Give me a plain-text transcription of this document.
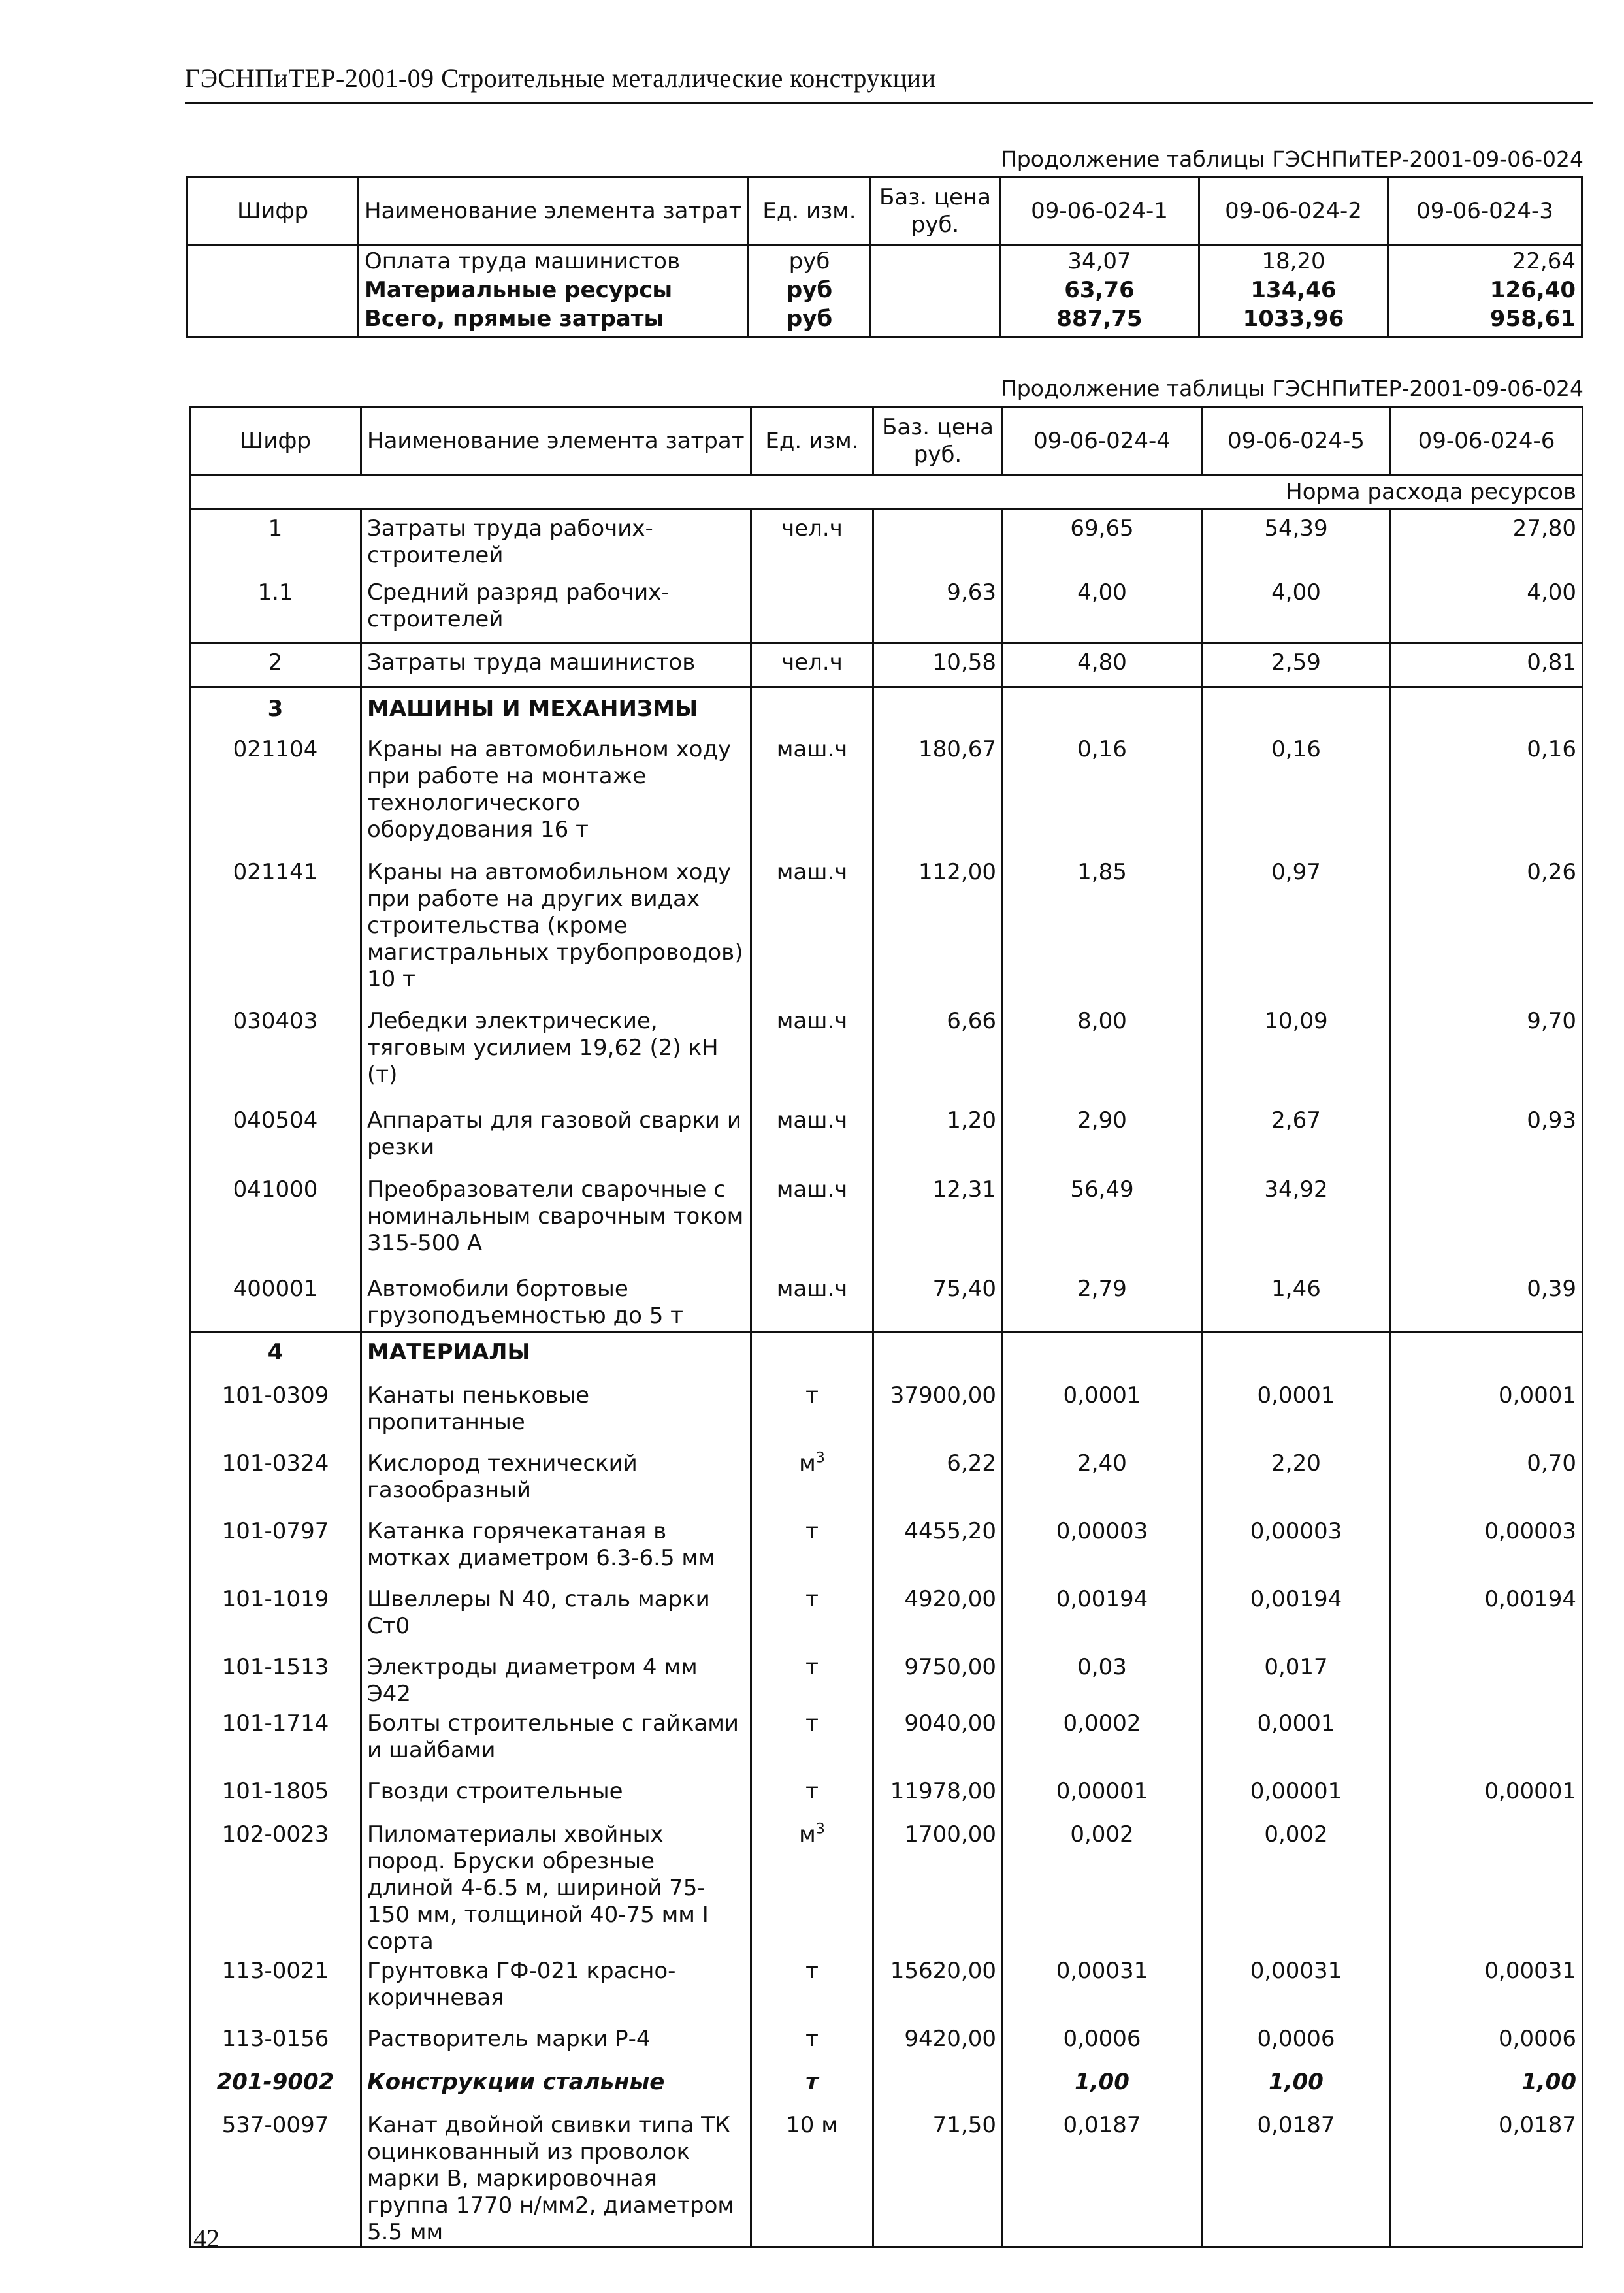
ГЭСНПиТЕР-2001-09 Строительные металлические конструкции
Продолжение таблицы ГЭСНПиТЕР-2001-09-06-024
Шифр	Наименование элемента затрат	Ед. изм.	Баз. цена руб.	09-06-024-1	09-06-024-2	09-06-024-3
	Оплата труда машинистов	руб		34,07	18,20	22,64
	Материальные ресурсы	руб		63,76	134,46	126,40
	Всего, прямые затраты	руб		887,75	1033,96	958,61
Продолжение таблицы ГЭСНПиТЕР-2001-09-06-024
Шифр	Наименование элемента затрат	Ед. изм.	Баз. цена руб.	09-06-024-4	09-06-024-5	09-06-024-6
Норма расхода ресурсов						
1	Затраты труда рабочих-строителей	чел.ч		69,65	54,39	27,80
1.1	Средний разряд рабочих-строителей		9,63	4,00	4,00	4,00
2	Затраты труда машинистов	чел.ч	10,58	4,80	2,59	0,81
3	МАШИНЫ И МЕХАНИЗМЫ					
021104	Краны на автомобильном ходу при работе на монтаже технологического оборудования 16 т	маш.ч	180,67	0,16	0,16	0,16
021141	Краны на автомобильном ходу при работе на других видах строительства (кроме магистральных трубопроводов) 10 т	маш.ч	112,00	1,85	0,97	0,26
030403	Лебедки электрические, тяговым усилием 19,62 (2) кН (т)	маш.ч	6,66	8,00	10,09	9,70
040504	Аппараты для газовой сварки и резки	маш.ч	1,20	2,90	2,67	0,93
041000	Преобразователи сварочные с номинальным сварочным током 315-500 А	маш.ч	12,31	56,49	34,92	
400001	Автомобили бортовые грузоподъемностью до 5 т	маш.ч	75,40	2,79	1,46	0,39
4	МАТЕРИАЛЫ					
101-0309	Канаты пеньковые пропитанные	т	37900,00	0,0001	0,0001	0,0001
101-0324	Кислород технический газообразный	$м^3$	6,22	2,40	2,20	0,70
101-0797	Катанка горячекатаная в мотках диаметром 6.3-6.5 мм	т	4455,20	0,00003	0,00003	0,00003
101-1019	Швеллеры N 40, сталь марки Ст0	т	4920,00	0,00194	0,00194	0,00194
101-1513	Электроды диаметром 4 мм Э42	т	9750,00	0,03	0,017	
101-1714	Болты строительные с гайками и шайбами	т	9040,00	0,0002	0,0001	
101-1805	Гвозди строительные	т	11978,00	0,00001	0,00001	0,00001
102-0023	Пиломатериалы хвойных пород. Бруски обрезные длиной 4-6.5 м, шириной 75-150 мм, толщиной 40-75 мм I сорта	$м^3$	1700,00	0,002	0,002	
113-0021	Грунтовка ГФ-021 красно-коричневая	т	15620,00	0,00031	0,00031	0,00031
113-0156	Растворитель марки Р-4	т	9420,00	0,0006	0,0006	0,0006
201-9002	Конструкции стальные	т		1,00	1,00	1,00
537-0097	Канат двойной свивки типа ТК оцинкованный из проволок марки В, маркировочная группа 1770 н/мм2, диаметром 5.5 мм	10 м	71,50	0,0187	0,0187	0,0187
42
